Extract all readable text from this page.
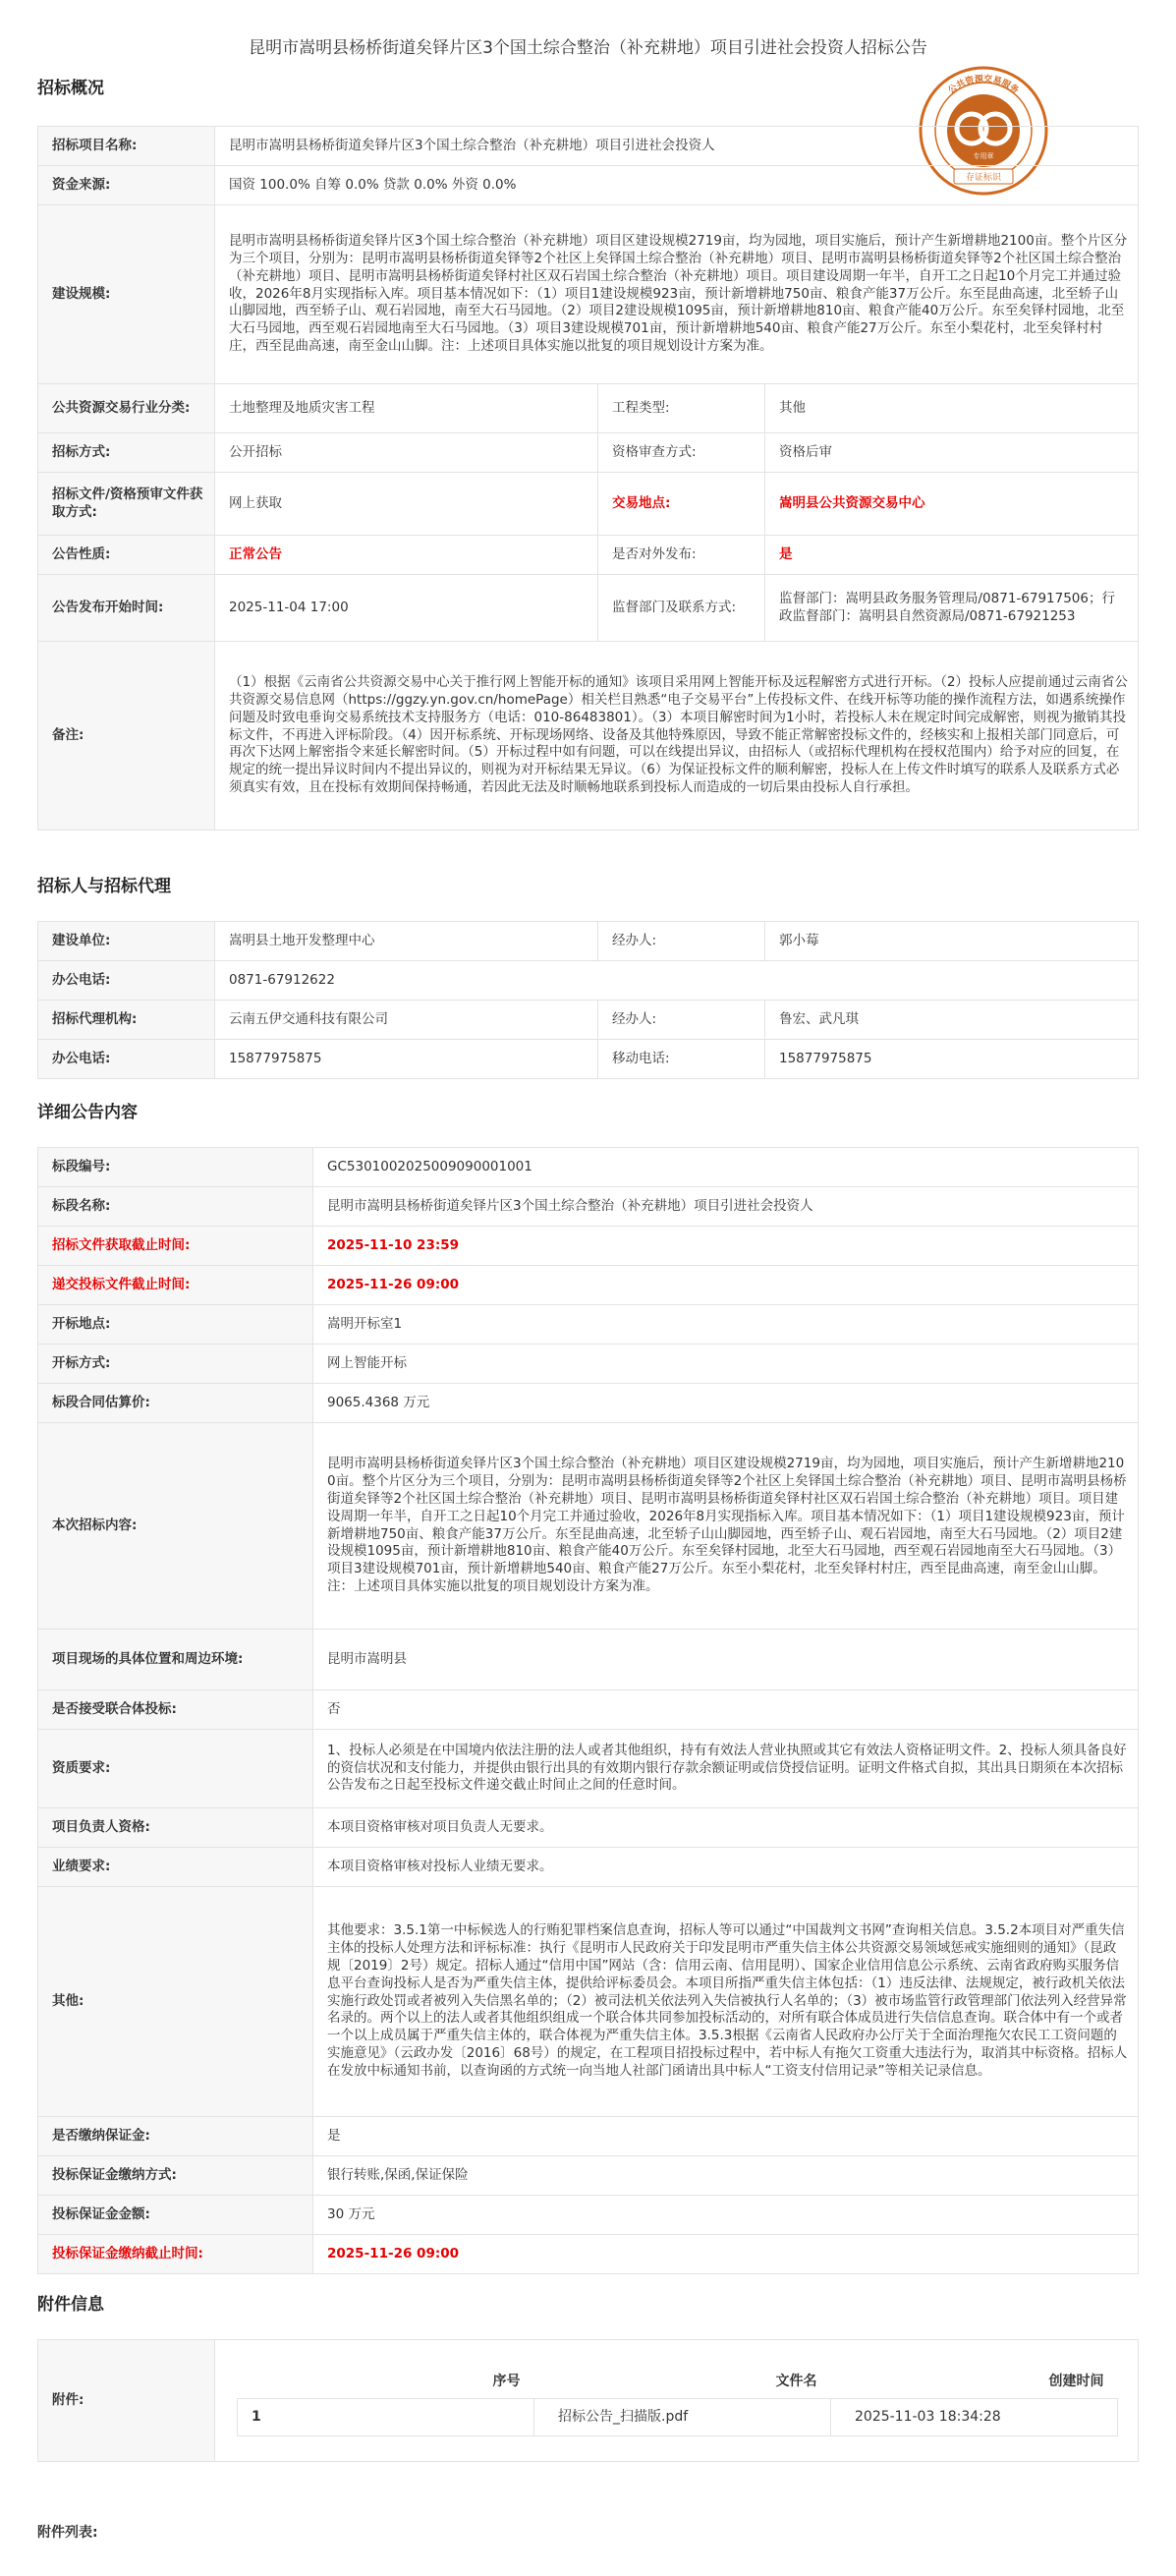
昆明市嵩明县杨桥街道矣铎片区3个国土综合整治（补充耕地）项目引进社会投资人招标公告
公共资源交易服务
专用章
存证标识
招标概况
招标项目名称:	昆明市嵩明县杨桥街道矣铎片区3个国土综合整治（补充耕地）项目引进社会投资人		
资金来源:	国资 100.0% 自筹 0.0% 贷款 0.0% 外资 0.0%		
建设规模:	昆明市嵩明县杨桥街道矣铎片区3个国土综合整治（补充耕地）项目区建设规模2719亩，均为园地，项目实施后，预计产生新增耕地2100亩。整个片区分为三个项目，分别为：昆明市嵩明县杨桥街道矣铎等2个社区上矣铎国土综合整治（补充耕地）项目、昆明市嵩明县杨桥街道矣铎等2个社区国土综合整治（补充耕地）项目、昆明市嵩明县杨桥街道矣铎村社区双石岩国土综合整治（补充耕地）项目。项目建设周期一年半，自开工之日起10个月完工并通过验收，2026年8月实现指标入库。项目基本情况如下：（1）项目1建设规模923亩，预计新增耕地750亩、粮食产能37万公斤。东至昆曲高速，北至轿子山山脚园地，西至轿子山、观石岩园地，南至大石马园地。（2）项目2建设规模1095亩，预计新增耕地810亩、粮食产能40万公斤。东至矣铎村园地，北至大石马园地，西至观石岩园地南至大石马园地。（3）项目3建设规模701亩，预计新增耕地540亩、粮食产能27万公斤。东至小梨花村，北至矣铎村村庄，西至昆曲高速，南至金山山脚。注：上述项目具体实施以批复的项目规划设计方案为准。		
公共资源交易行业分类:	土地整理及地质灾害工程	工程类型:	其他
招标方式:	公开招标	资格审查方式:	资格后审
招标文件/资格预审文件获取方式:	网上获取	交易地点:	嵩明县公共资源交易中心
公告性质:	正常公告	是否对外发布:	是
公告发布开始时间:	2025-11-04 17:00	监督部门及联系方式:	监督部门：嵩明县政务服务管理局/0871-67917506；行政监督部门：嵩明县自然资源局/0871-67921253
备注:	（1）根据《云南省公共资源交易中心关于推行网上智能开标的通知》该项目采用网上智能开标及远程解密方式进行开标。（2）投标人应提前通过云南省公共资源交易信息网（https://ggzy.yn.gov.cn/homePage）相关栏目熟悉“电子交易平台”上传投标文件、在线开标等功能的操作流程方法，如遇系统操作问题及时致电垂询交易系统技术支持服务方（电话：010-86483801）。（3）本项目解密时间为1小时，若投标人未在规定时间完成解密，则视为撤销其投标文件，不再进入评标阶段。（4）因开标系统、开标现场网络、设备及其他特殊原因，导致不能正常解密投标文件的，经核实和上报相关部门同意后，可再次下达网上解密指令来延长解密时间。（5）开标过程中如有问题，可以在线提出异议，由招标人（或招标代理机构在授权范围内）给予对应的回复，在规定的统一提出异议时间内不提出异议的，则视为对开标结果无异议。（6）为保证投标文件的顺利解密，投标人在上传文件时填写的联系人及联系方式必须真实有效，且在投标有效期间保持畅通，若因此无法及时顺畅地联系到投标人而造成的一切后果由投标人自行承担。		
招标人与招标代理
建设单位:	嵩明县土地开发整理中心	经办人:	郭小莓
办公电话:	0871-67912622		
招标代理机构:	云南五伊交通科技有限公司	经办人:	鲁宏、武凡琪
办公电话:	15877975875	移动电话:	15877975875
详细公告内容
标段编号:	GC5301002025009090001001
标段名称:	昆明市嵩明县杨桥街道矣铎片区3个国土综合整治（补充耕地）项目引进社会投资人
招标文件获取截止时间:	2025-11-10 23:59
递交投标文件截止时间:	2025-11-26 09:00
开标地点:	嵩明开标室1
开标方式:	网上智能开标
标段合同估算价:	9065.4368 万元
本次招标内容:	昆明市嵩明县杨桥街道矣铎片区3个国土综合整治（补充耕地）项目区建设规模2719亩，均为园地，项目实施后，预计产生新增耕地2100亩。整个片区分为三个项目，分别为：昆明市嵩明县杨桥街道矣铎等2个社区上矣铎国土综合整治（补充耕地）项目、昆明市嵩明县杨桥街道矣铎等2个社区国土综合整治（补充耕地）项目、昆明市嵩明县杨桥街道矣铎村社区双石岩国土综合整治（补充耕地）项目。项目建设周期一年半，自开工之日起10个月完工并通过验收，2026年8月实现指标入库。项目基本情况如下：（1）项目1建设规模923亩，预计新增耕地750亩、粮食产能37万公斤。东至昆曲高速，北至轿子山山脚园地，西至轿子山、观石岩园地，南至大石马园地。（2）项目2建设规模1095亩，预计新增耕地810亩、粮食产能40万公斤。东至矣铎村园地，北至大石马园地，西至观石岩园地南至大石马园地。（3）项目3建设规模701亩，预计新增耕地540亩、粮食产能27万公斤。东至小梨花村，北至矣铎村村庄，西至昆曲高速，南至金山山脚。注：上述项目具体实施以批复的项目规划设计方案为准。
项目现场的具体位置和周边环境:	昆明市嵩明县
是否接受联合体投标:	否
资质要求:	1、投标人必须是在中国境内依法注册的法人或者其他组织，持有有效法人营业执照或其它有效法人资格证明文件。2、投标人须具备良好的资信状况和支付能力，并提供由银行出具的有效期内银行存款余额证明或信贷授信证明。证明文件格式自拟，其出具日期须在本次招标公告发布之日起至投标文件递交截止时间止之间的任意时间。
项目负责人资格:	本项目资格审核对项目负责人无要求。
业绩要求:	本项目资格审核对投标人业绩无要求。
其他:	其他要求：3.5.1第一中标候选人的行贿犯罪档案信息查询，招标人等可以通过“中国裁判文书网”查询相关信息。3.5.2本项目对严重失信主体的投标人处理方法和评标标准：执行《昆明市人民政府关于印发昆明市严重失信主体公共资源交易领域惩戒实施细则的通知》（昆政规〔2019〕2号）规定。招标人通过“信用中国”网站（含：信用云南、信用昆明）、国家企业信用信息公示系统、云南省政府购买服务信息平台查询投标人是否为严重失信主体，提供给评标委员会。本项目所指严重失信主体包括：（1）违反法律、法规规定，被行政机关依法实施行政处罚或者被列入失信黑名单的；（2）被司法机关依法列入失信被执行人名单的；（3）被市场监管行政管理部门依法列入经营异常名录的。两个以上的法人或者其他组织组成一个联合体共同参加投标活动的，对所有联合体成员进行失信信息查询。联合体中有一个或者一个以上成员属于严重失信主体的，联合体视为严重失信主体。3.5.3根据《云南省人民政府办公厅关于全面治理拖欠农民工工资问题的实施意见》（云政办发〔2016〕68号）的规定，在工程项目招投标过程中，若中标人有拖欠工资重大违法行为，取消其中标资格。招标人在发放中标通知书前，以查询函的方式统一向当地人社部门函请出具中标人“工资支付信用记录”等相关记录信息。
是否缴纳保证金:	是
投标保证金缴纳方式:	银行转账,保函,保证保险
投标保证金金额:	30 万元
投标保证金缴纳截止时间:	2025-11-26 09:00
附件信息
附件:	
序号	文件名	创建时间
1	招标公告_扫描版.pdf	2025-11-03 18:34:28
附件列表:
